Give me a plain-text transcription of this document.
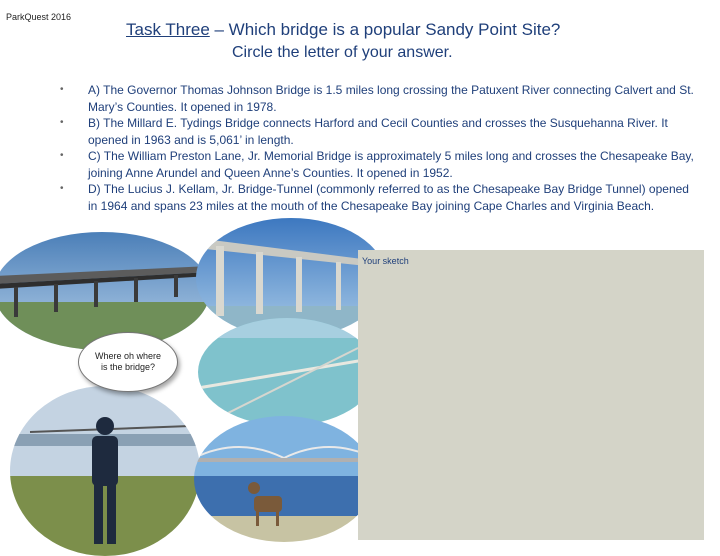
ParkQuest 2016
Task Three – Which bridge is a popular Sandy Point Site?
Circle the letter of your answer.
• A) The Governor Thomas Johnson Bridge is 1.5 miles long crossing the Patuxent River connecting Calvert and St. Mary’s Counties. It opened in 1978.
• B) The Millard E. Tydings Bridge connects Harford and Cecil Counties and crosses the Susquehanna River. It opened in 1963 and is 5,061’ in length.
• C) The William Preston Lane, Jr. Memorial Bridge is approximately 5 miles long and crosses the Chesapeake Bay, joining Anne Arundel and Queen Anne’s Counties. It opened in 1952.
• D) The Lucius J. Kellam, Jr. Bridge-Tunnel (commonly referred to as the Chesapeake Bay Bridge Tunnel) opened in 1964 and spans 23 miles at the mouth of the Chesapeake Bay joining Cape Charles and Virginia Beach.
Where oh where is the bridge?
Your sketch
